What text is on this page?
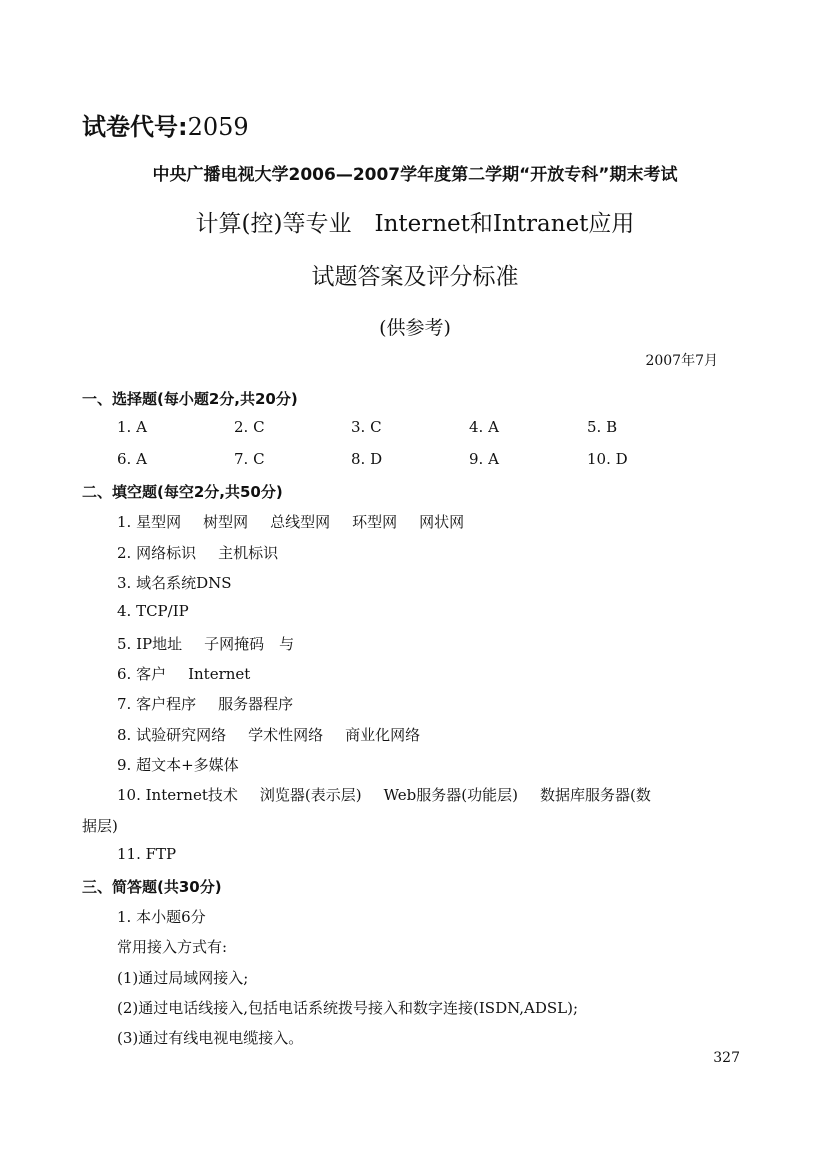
试卷代号:2059
中央广播电视大学2006—2007学年度第二学期“开放专科”期末考试
计算(控)等专业　Internet和Intranet应用
试题答案及评分标准
(供参考)
2007年7月
一、选择题(每小题2分,共20分)
1. A	2. C	3. C	4. A	5. B
6. A	7. C	8. D	9. A	10. D
二、填空题(每空2分,共50分)
1. 星型网 树型网 总线型网 环型网 网状网
2. 网络标识 主机标识
3. 域名系统DNS
4. TCP/IP
5. IP地址 子网掩码　与
6. 客户 Internet
7. 客户程序 服务器程序
8. 试验研究网络 学术性网络 商业化网络
9. 超文本+多媒体
10. Internet技术 浏览器(表示层) Web服务器(功能层) 数据库服务器(数
据层)
11. FTP
三、简答题(共30分)
1. 本小题6分
常用接入方式有:
(1)通过局域网接入;
(2)通过电话线接入,包括电话系统拨号接入和数字连接(ISDN,ADSL);
(3)通过有线电视电缆接入。
327
